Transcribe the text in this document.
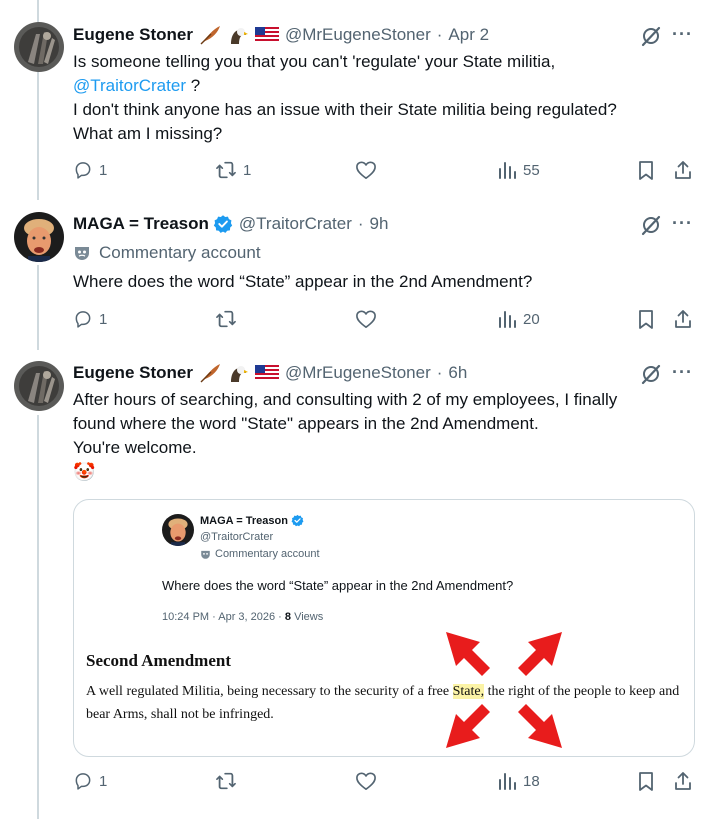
Eugene Stoner	@MrEugeneStoner · Apr 2	···

Is someone telling you that you can't 'regulate' your State militia,

@TraitorCrater ?

I don't think anyone has an issue with their State militia being regulated?

What am I missing?

1	1	55
MAGA = Treason @TraitorCrater · 9h	···
Commentary account

Where does the word “State” appear in the 2nd Amendment?

1	20
Eugene Stoner	@MrEugeneStoner · 6h	···

After hours of searching, and consulting with 2 of my employees, I finally

found where the word "State" appears in the 2nd Amendment.

You're welcome.

🤡

MAGA = Treason
@TraitorCrater
Commentary account
Where does the word “State” appear in the 2nd Amendment?
10:24 PM · Apr 3, 2026 · 8 Views
Second Amendment
A well regulated Militia, being necessary to the security of a free State, the right of the people to keep and bear Arms, shall not be infringed.
1	18
